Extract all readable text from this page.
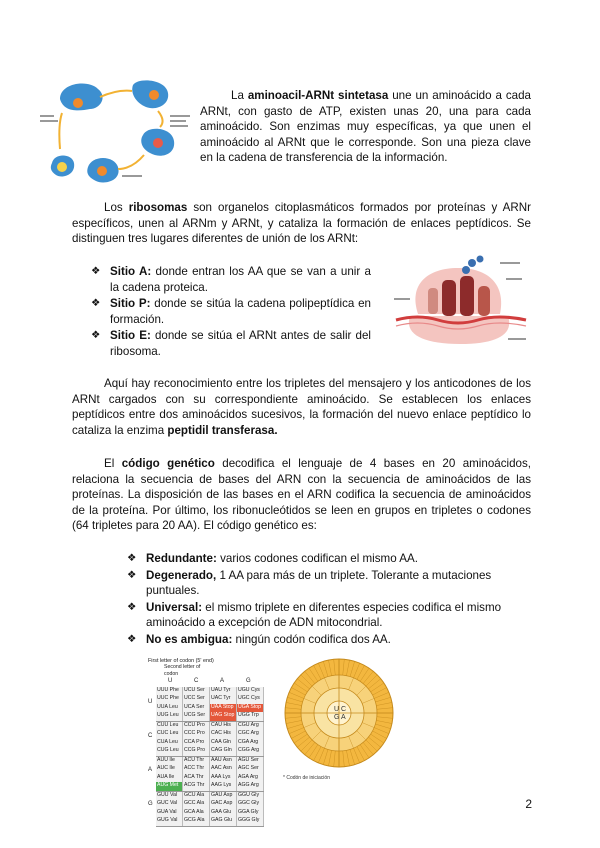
La aminoacil-ARNt sintetasa une un aminoácido a cada ARNt, con gasto de ATP, existen unas 20, una para cada aminoácido. Son enzimas muy específicas, ya que unen el aminoácido al ARNt que le corresponde. Son una pieza clave en la cadena de transferencia de la información.

Los ribosomas son organelos citoplasmáticos formados por proteínas y ARNr específicos, unen al ARNm y ARNt, y cataliza la formación de enlaces peptídicos. Se distinguen tres lugares diferentes de unión de los ARNt:

❖ Sitio A: donde entran los AA que se van a unir a la cadena proteica.
❖ Sitio P: donde se sitúa la cadena polipeptídica en formación.
❖ Sitio E: donde se sitúa el ARNt antes de salir del ribosoma.

Aquí hay reconocimiento entre los tripletes del mensajero y los anticodones de los ARNt cargados con su correspondiente aminoácido. Se establecen los enlaces peptídicos entre dos aminoácidos sucesivos, la formación del nuevo enlace peptídico lo cataliza la enzima peptidil transferasa.

El código genético decodifica el lenguaje de 4 bases en 20 aminoácidos, relaciona la secuencia de bases del ARN con la secuencia de aminoácidos de las proteínas. La disposición de las bases en el ARN codifica la secuencia de aminoácidos de la proteína. Por último, los ribonucleótidos se leen en grupos en tripletes o codones (64 tripletes para 20 AA). El código genético es:

❖ Redundante: varios codones codifican el mismo AA.
❖ Degenerado, 1 AA para más de un triplete. Tolerante a mutaciones puntuales.
❖ Universal: el mismo triplete en diferentes especies codifica el mismo aminoácido a excepción de ADN mitocondrial.
❖ No es ambigua: ningún codón codifica dos AA.
First letter of codon (5' end)
Second letter of codon
U	C	A	G
U
C
A
G
UUU Phe	UCU Ser	UAU Tyr	UGU Cys
UUC Phe	UCC Ser	UAC Tyr	UGC Cys
UUA Leu	UCA Ser	UAA Stop	UGA Stop
UUG Leu	UCG Ser	UAG Stop	UGG Trp
CUU Leu	CCU Pro	CAU His	CGU Arg
CUC Leu	CCC Pro	CAC His	CGC Arg
CUA Leu	CCA Pro	CAA Gln	CGA Arg
CUG Leu	CCG Pro	CAG Gln	CGG Arg
AUU Ile	ACU Thr	AAU Asn	AGU Ser
AUC Ile	ACC Thr	AAC Asn	AGC Ser
AUA Ile	ACA Thr	AAA Lys	AGA Arg
AUG Met	ACG Thr	AAG Lys	AGG Arg
GUU Val	GCU Ala	GAU Asp	GGU Gly
GUC Val	GCC Ala	GAC Asp	GGC Gly
GUA Val	GCA Ala	GAA Glu	GGA Gly
GUG Val	GCG Ala	GAG Glu	GGG Gly
U C
A
G
* Codón de iniciación
2
